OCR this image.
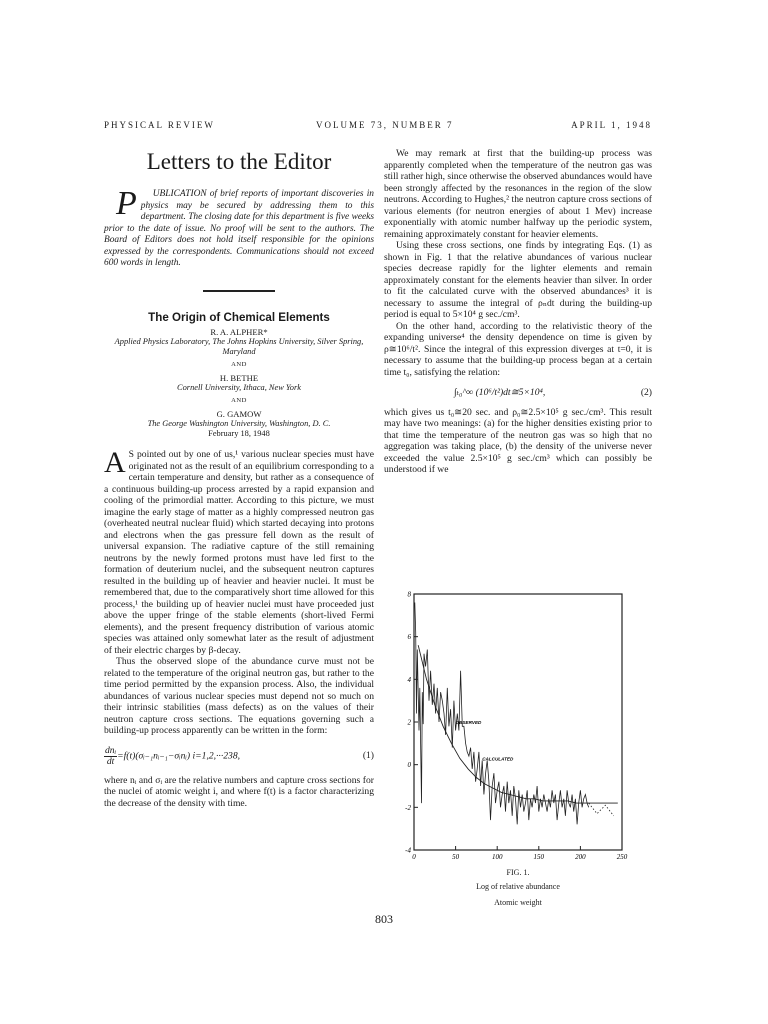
PHYSICAL REVIEW	VOLUME 73, NUMBER 7	APRIL 1, 1948
Letters to the Editor

P UBLICATION of brief reports of important discoveries in physics may be secured by addressing them to this department. The closing date for this department is five weeks prior to the date of issue. No proof will be sent to the authors. The Board of Editors does not hold itself responsible for the opinions expressed by the correspondents. Communications should not exceed 600 words in length.

The Origin of Chemical Elements
R. A. ALPHER*
Applied Physics Laboratory, The Johns Hopkins University, Silver Spring, Maryland
AND
H. BETHE
Cornell University, Ithaca, New York
AND
G. GAMOW
The George Washington University, Washington, D. C.
February 18, 1948

A S pointed out by one of us,¹ various nuclear species must have originated not as the result of an equilibrium corresponding to a certain temperature and density, but rather as a consequence of a continuous building-up process arrested by a rapid expansion and cooling of the primordial matter. According to this picture, we must imagine the early stage of matter as a highly compressed neutron gas (overheated neutral nuclear fluid) which started decaying into protons and electrons when the gas pressure fell down as the result of universal expansion. The radiative capture of the still remaining neutrons by the newly formed protons must have led first to the formation of deuterium nuclei, and the subsequent neutron captures resulted in the building up of heavier and heavier nuclei. It must be remembered that, due to the comparatively short time allowed for this process,¹ the building up of heavier nuclei must have proceeded just above the upper fringe of the stable elements (short-lived Fermi elements), and the present frequency distribution of various atomic species was attained only somewhat later as the result of adjustment of their electric charges by β-decay.

Thus the observed slope of the abundance curve must not be related to the temperature of the original neutron gas, but rather to the time period permitted by the expansion process. Also, the individual abundances of various nuclear species must depend not so much on their intrinsic stabilities (mass defects) as on the values of their neutron capture cross sections. The equations governing such a building-up process apparently can be written in the form:

$\frac{\text{dnᵢ}}{dt}$ =f(t)(σᵢ₋₁nᵢ₋₁−σᵢnᵢ) i=1,2,···238,	(1)

where nᵢ and σᵢ are the relative numbers and capture cross sections for the nuclei of atomic weight i, and where f(t) is a factor characterizing the decrease of the density with time.

We may remark at first that the building-up process was apparently completed when the temperature of the neutron gas was still rather high, since otherwise the observed abundances would have been strongly affected by the resonances in the region of the slow neutrons. According to Hughes,² the neutron capture cross sections of various elements (for neutron energies of about 1 Mev) increase exponentially with atomic number halfway up the periodic system, remaining approximately constant for heavier elements.

Using these cross sections, one finds by integrating Eqs. (1) as shown in Fig. 1 that the relative abundances of various nuclear species decrease rapidly for the lighter elements and remain approximately constant for the elements heavier than silver. In order to fit the calculated curve with the observed abundances³ it is necessary to assume the integral of ρₙdt during the building-up period is equal to 5×10⁴ g sec./cm³.

On the other hand, according to the relativistic theory of the expanding universe⁴ the density dependence on time is given by ρ≅10⁶/t². Since the integral of this expression diverges at t=0, it is necessary to assume that the building-up process began at a certain time t₀, satisfying the relation:

∫ₜ₀^∞ (10⁶/t²)dt≅5×10⁴,	(2)

which gives us t₀≅20 sec. and ρ₀≅2.5×10⁵ g sec./cm³. This result may have two meanings: (a) for the higher densities existing prior to that time the temperature of the neutron gas was so high that no aggregation was taking place, (b) the density of the universe never exceeded the value 2.5×10⁵ g sec./cm³ which can possibly be understood if we

0	50	100	150	200	250
-4
-2
0
2
4
6
8
OBSERVED
CALCULATED
FIG. 1.
Log of relative abundance
Atomic weight
803
